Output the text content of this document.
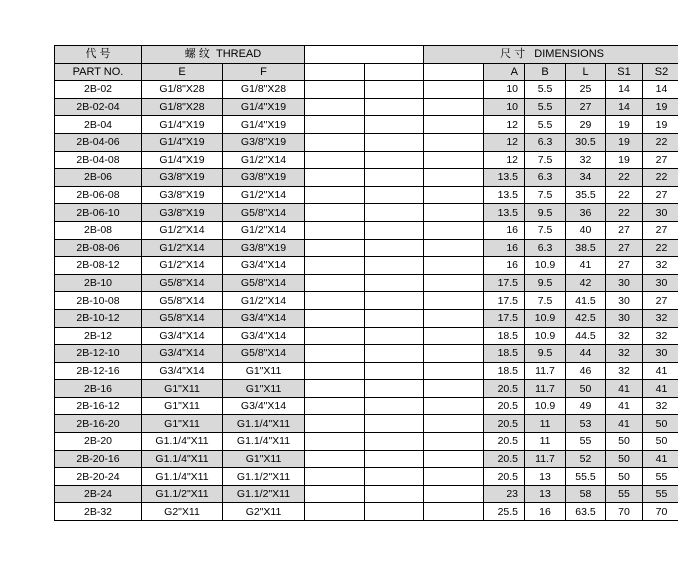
代 号	螺 纹 THREAD				尺 寸 DIMENSIONS					
PART NO.	E	F				A	B	L	S1	S2
2B-02	G1/8"X28	G1/8"X28				10	5.5	25	14	14
2B-02-04	G1/8"X28	G1/4"X19				10	5.5	27	14	19
2B-04	G1/4"X19	G1/4"X19				12	5.5	29	19	19
2B-04-06	G1/4"X19	G3/8"X19				12	6.3	30.5	19	22
2B-04-08	G1/4"X19	G1/2"X14				12	7.5	32	19	27
2B-06	G3/8"X19	G3/8"X19				13.5	6.3	34	22	22
2B-06-08	G3/8"X19	G1/2"X14				13.5	7.5	35.5	22	27
2B-06-10	G3/8"X19	G5/8"X14				13.5	9.5	36	22	30
2B-08	G1/2"X14	G1/2"X14				16	7.5	40	27	27
2B-08-06	G1/2"X14	G3/8"X19				16	6.3	38.5	27	22
2B-08-12	G1/2"X14	G3/4"X14				16	10.9	41	27	32
2B-10	G5/8"X14	G5/8"X14				17.5	9.5	42	30	30
2B-10-08	G5/8"X14	G1/2"X14				17.5	7.5	41.5	30	27
2B-10-12	G5/8"X14	G3/4"X14				17.5	10.9	42.5	30	32
2B-12	G3/4"X14	G3/4"X14				18.5	10.9	44.5	32	32
2B-12-10	G3/4"X14	G5/8"X14				18.5	9.5	44	32	30
2B-12-16	G3/4"X14	G1"X11				18.5	11.7	46	32	41
2B-16	G1"X11	G1"X11				20.5	11.7	50	41	41
2B-16-12	G1"X11	G3/4"X14				20.5	10.9	49	41	32
2B-16-20	G1"X11	G1.1/4"X11				20.5	11	53	41	50
2B-20	G1.1/4"X11	G1.1/4"X11				20.5	11	55	50	50
2B-20-16	G1.1/4"X11	G1"X11				20.5	11.7	52	50	41
2B-20-24	G1.1/4"X11	G1.1/2"X11				20.5	13	55.5	50	55
2B-24	G1.1/2"X11	G1.1/2"X11				23	13	58	55	55
2B-32	G2"X11	G2"X11				25.5	16	63.5	70	70
